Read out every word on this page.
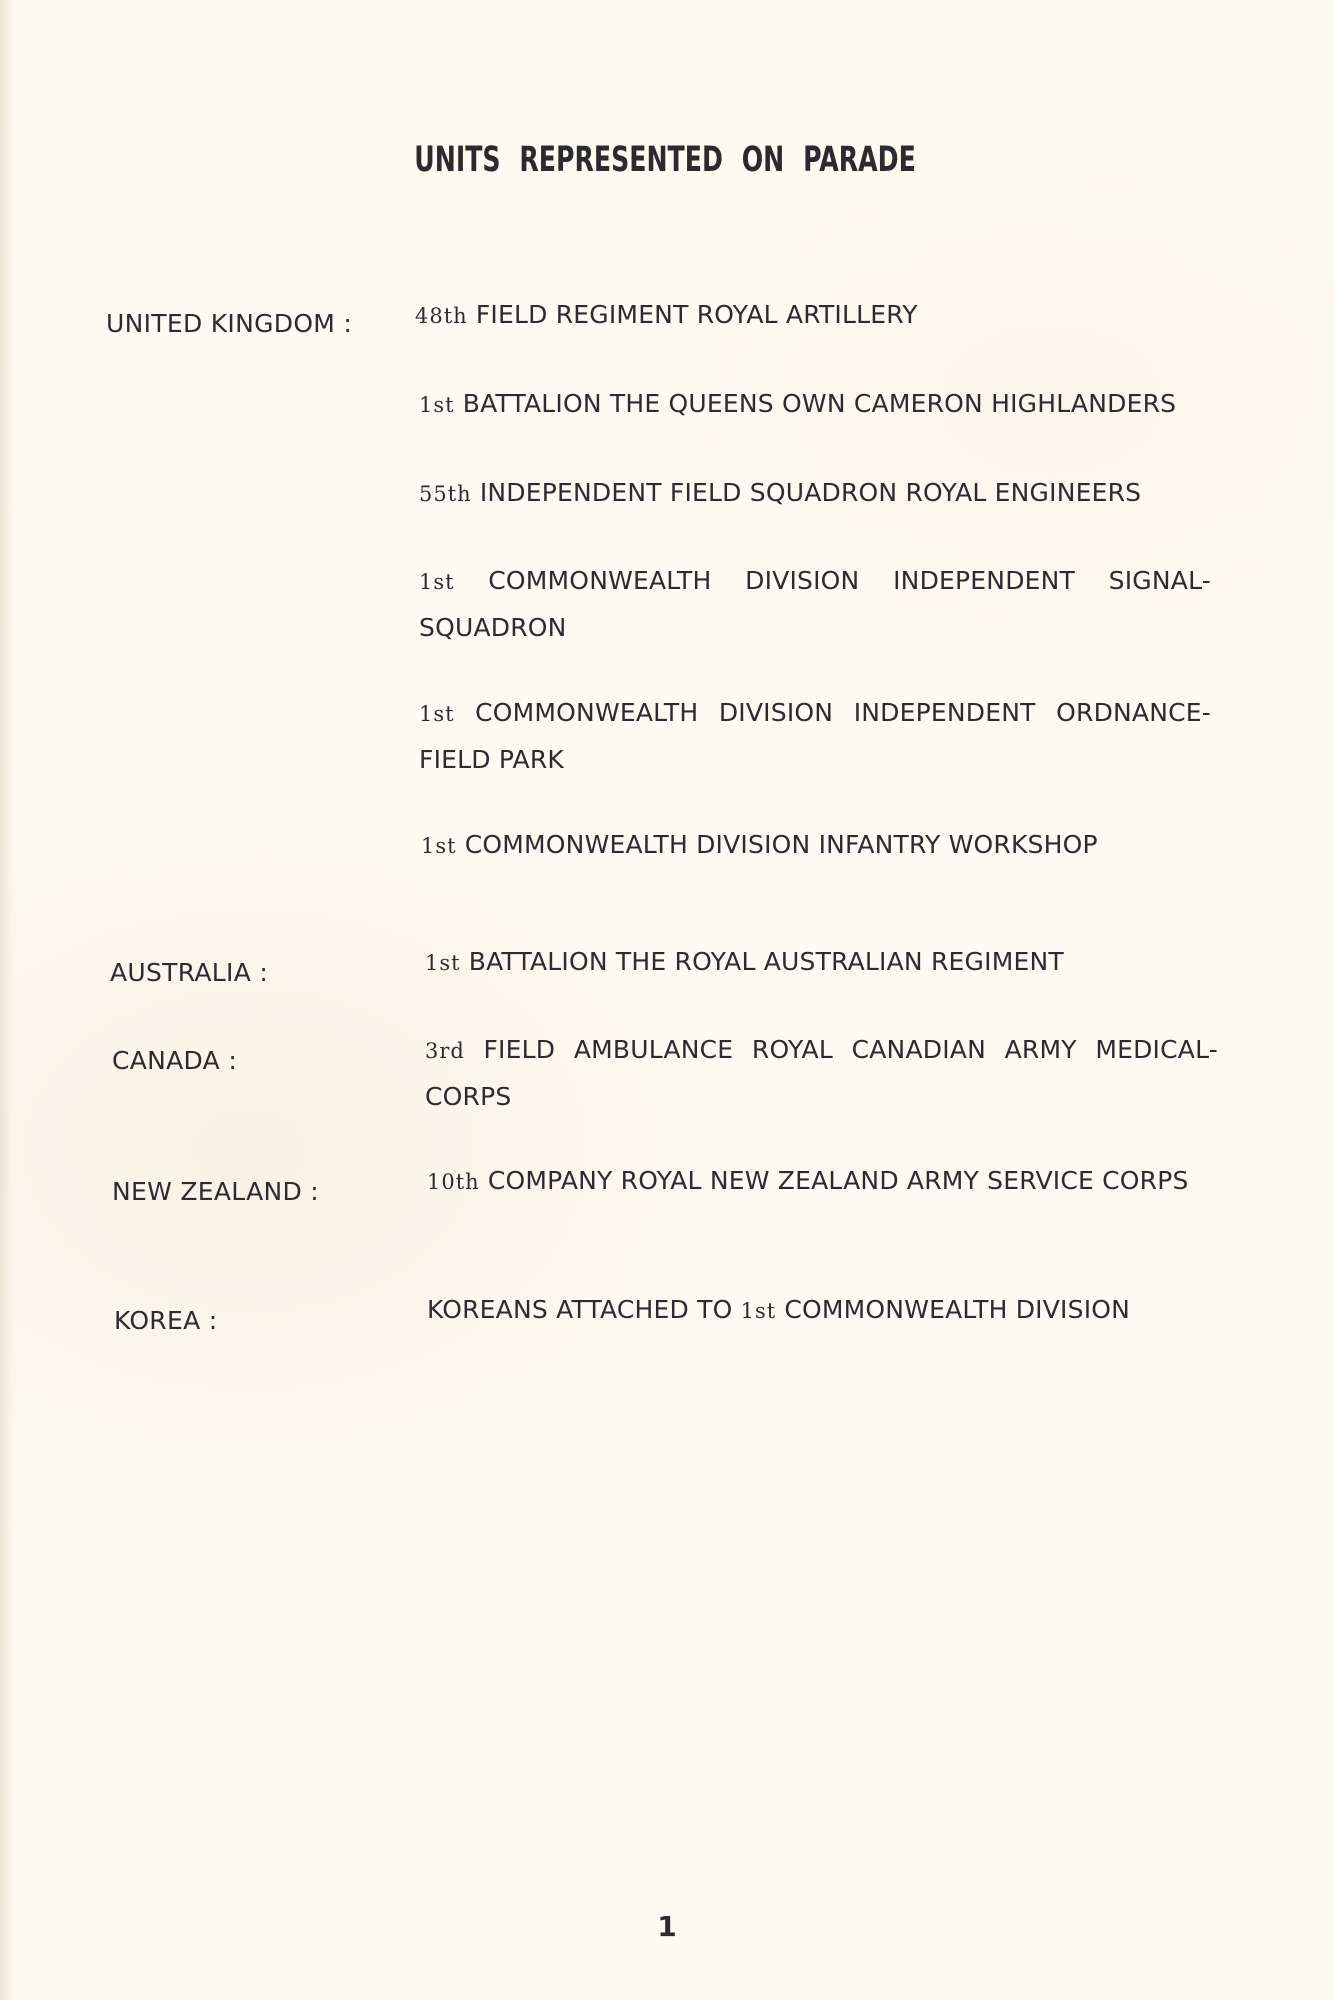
UNITS REPRESENTED ON PARADE
UNITED KINGDOM :	48th FIELD REGIMENT ROYAL ARTILLERY
1st BATTALION THE QUEENS OWN CAMERON HIGHLANDERS
55th INDEPENDENT FIELD SQUADRON ROYAL ENGINEERS
1st COMMONWEALTH DIVISION INDEPENDENT SIGNAL-
SQUADRON
1st COMMONWEALTH DIVISION INDEPENDENT ORDNANCE-
FIELD PARK
1st COMMONWEALTH DIVISION INFANTRY WORKSHOP
AUSTRALIA :	1st BATTALION THE ROYAL AUSTRALIAN REGIMENT
CANADA :	3rd FIELD AMBULANCE ROYAL CANADIAN ARMY MEDICAL-
CORPS
NEW ZEALAND :	10th COMPANY ROYAL NEW ZEALAND ARMY SERVICE CORPS
KOREA :	KOREANS ATTACHED TO 1st COMMONWEALTH DIVISION
1
